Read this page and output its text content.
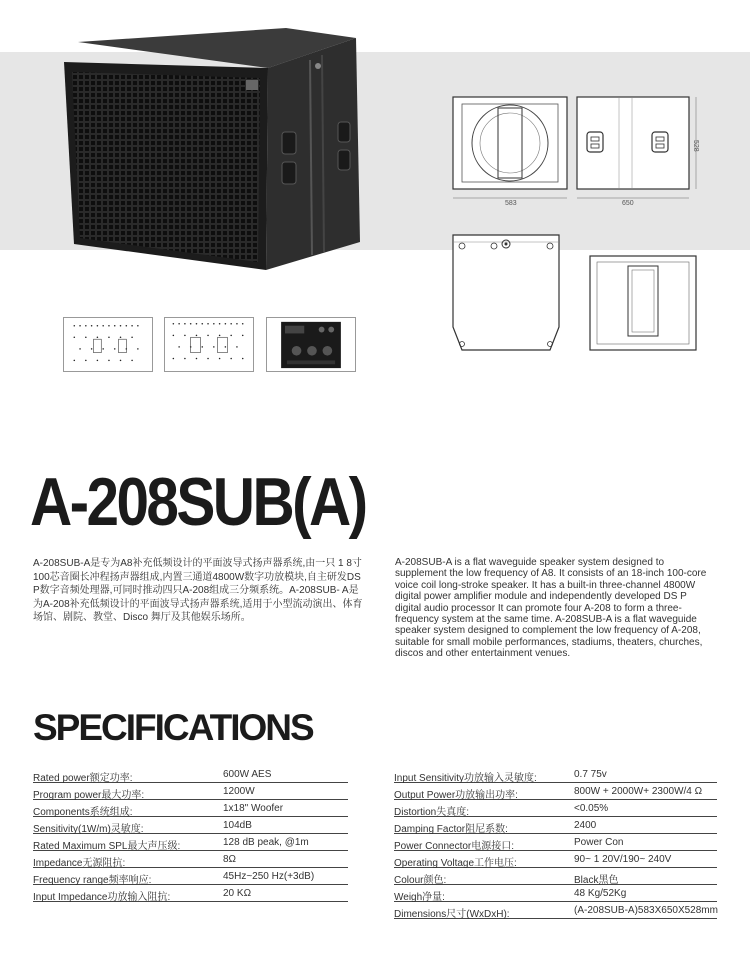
583
528
650
A-208SUB(A)

A-208SUB-A是专为A8补充低频设计的平面波导式扬声器系统,由一只 1 8寸100芯音圈长冲程扬声器组成,内置三通道4800W数字功放模块,自主研发DS P数字音频处理器,可同时推动四只A-208组成三分频系统。A-208SUB- A是为A-208补充低频设计的平面波导式扬声器系统,适用于小型流动演出、体育场馆、剧院、教堂、Disco 舞厅及其他娱乐场所。

A-208SUB-A is a flat waveguide speaker system designed to supplement the low frequency of A8. It consists of an 18-inch 100-core voice coil long-stroke speaker. It has a built-in three-channel 4800W digital power amplifier module and independently developed DS P digital audio processor It can promote four A-208 to form a three-frequency system at the same time. A-208SUB-A is a flat waveguide speaker system designed to complement the low frequency of A-208, suitable for small mobile performances, stadiums, theaters, churches, discos and other entertainment venues.

SPECIFICATIONS
Rated power额定功率:	600W AES
Program power最大功率:	1200W
Components系统组成:	1x18" Woofer
Sensitivity(1W/m)灵敏度:	104dB
Rated Maximum SPL最大声压级:	128 dB peak, @1m
Impedance无源阻抗:	8Ω
Frequency range频率响应:	45Hz~250 Hz(+3dB)
Input Impedance功放输入阻抗:	20 KΩ
Input Sensitivity功放输入灵敏度:	0.7 75v
Output Power功放输出功率:	800W + 2000W+ 2300W/4 Ω
Distortion失真度:	<0.05%
Damping Factor阻尼系数:	2400
Power Connector电源接口:	Power Con
Operating Voltage工作电压:	90~ 1 20V/190~ 240V
Colour颜色:	Black黑色
Weigh净量:	48 Kg/52Kg
Dimensions尺寸(WxDxH):	(A-208SUB-A)583X650X528mm
